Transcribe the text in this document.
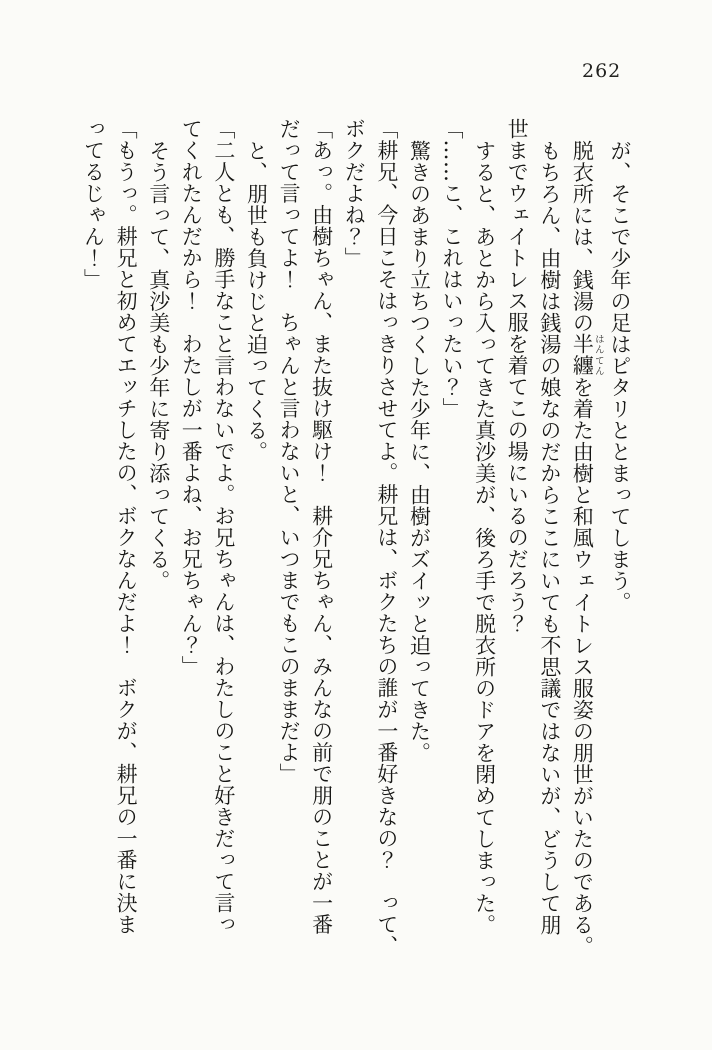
262
が、そこで少年の足はピタリととまってしまう。
脱衣所には、銭湯の半纏はんてんを着た由樹と和風ウェイトレス服姿の朋世がいたのである。
もちろん、由樹は銭湯の娘なのだからここにいても不思議ではないが、どうして朋
世までウェイトレス服を着てこの場にいるのだろう？
すると、あとから入ってきた真沙美が、後ろ手で脱衣所のドアを閉めてしまった。
「……こ、これはいったい？」
驚きのあまり立ちつくした少年に、由樹がズイッと迫ってきた。
「耕兄、今日こそはっきりさせてよ。耕兄は、ボクたちの誰が一番好きなの？　って、
ボクだよね？」
「あっ。由樹ちゃん、また抜け駆け！　耕介兄ちゃん、みんなの前で朋のことが一番
だって言ってよ！　ちゃんと言わないと、いつまでもこのままだよ」
と、朋世も負けじと迫ってくる。
「二人とも、勝手なこと言わないでよ。お兄ちゃんは、わたしのこと好きだって言っ
てくれたんだから！　わたしが一番よね、お兄ちゃん？」
そう言って、真沙美も少年に寄り添ってくる。
「もうっ。耕兄と初めてエッチしたの、ボクなんだよ！　ボクが、耕兄の一番に決ま
ってるじゃん！」
